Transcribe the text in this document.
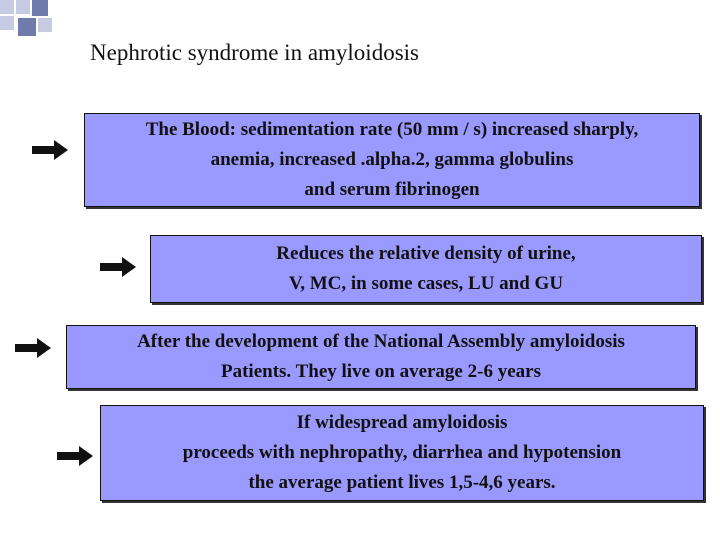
Nephrotic syndrome in amyloidosis
The Blood: sedimentation rate (50 mm / s) increased sharply,
anemia, increased .alpha.2, gamma globulins
and serum fibrinogen
Reduces the relative density of urine,
V, MC, in some cases, LU and GU
After the development of the National Assembly amyloidosis
Patients. They live on average 2-6 years
If widespread amyloidosis
proceeds with nephropathy, diarrhea and hypotension
the average patient lives 1,5-4,6 years.
